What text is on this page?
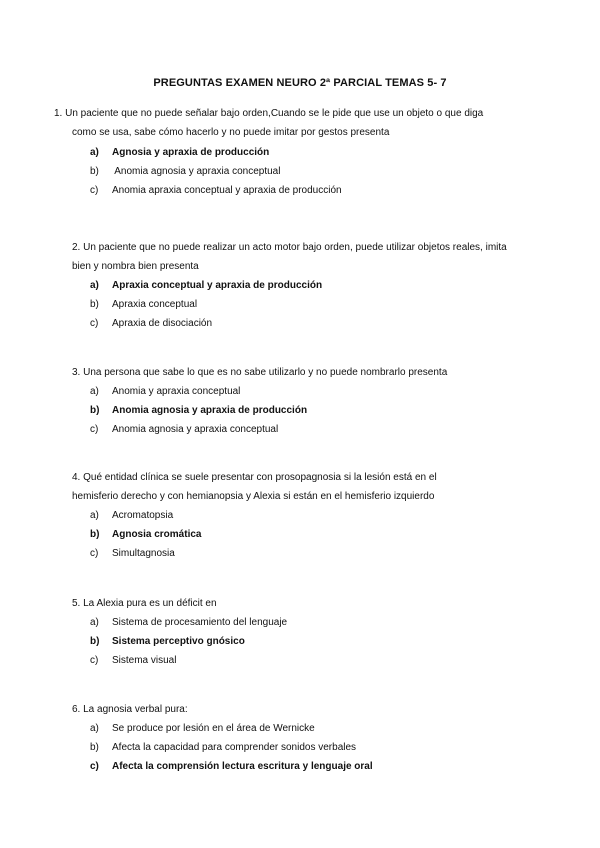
PREGUNTAS EXAMEN NEURO 2ª PARCIAL TEMAS 5- 7
1. Un paciente que no puede señalar bajo orden,Cuando se le pide que use un objeto o que diga
como se usa, sabe cómo hacerlo y no puede imitar por gestos presenta
a) Agnosia y apraxia de producción
b) Anomia agnosia y apraxia conceptual
c) Anomia apraxia conceptual y apraxia de producción
2. Un paciente que no puede realizar un acto motor bajo orden, puede utilizar objetos reales, imita
bien y nombra bien presenta
a) Apraxia conceptual y apraxia de producción
b) Apraxia conceptual
c) Apraxia de disociación
3. Una persona que sabe lo que es no sabe utilizarlo y no puede nombrarlo presenta
a) Anomia y apraxia conceptual
b) Anomia agnosia y apraxia de producción
c) Anomia agnosia y apraxia conceptual
4. Qué entidad clínica se suele presentar con prosopagnosia si la lesión está en el
hemisferio derecho y con hemianopsia y Alexia si están en el hemisferio izquierdo
a) Acromatopsia
b) Agnosia cromática
c) Simultagnosia
5. La Alexia pura es un déficit en
a) Sistema de procesamiento del lenguaje
b) Sistema perceptivo gnósico
c) Sistema visual
6. La agnosia verbal pura:
a) Se produce por lesión en el área de Wernicke
b) Afecta la capacidad para comprender sonidos verbales
c) Afecta la comprensión lectura escritura y lenguaje oral
